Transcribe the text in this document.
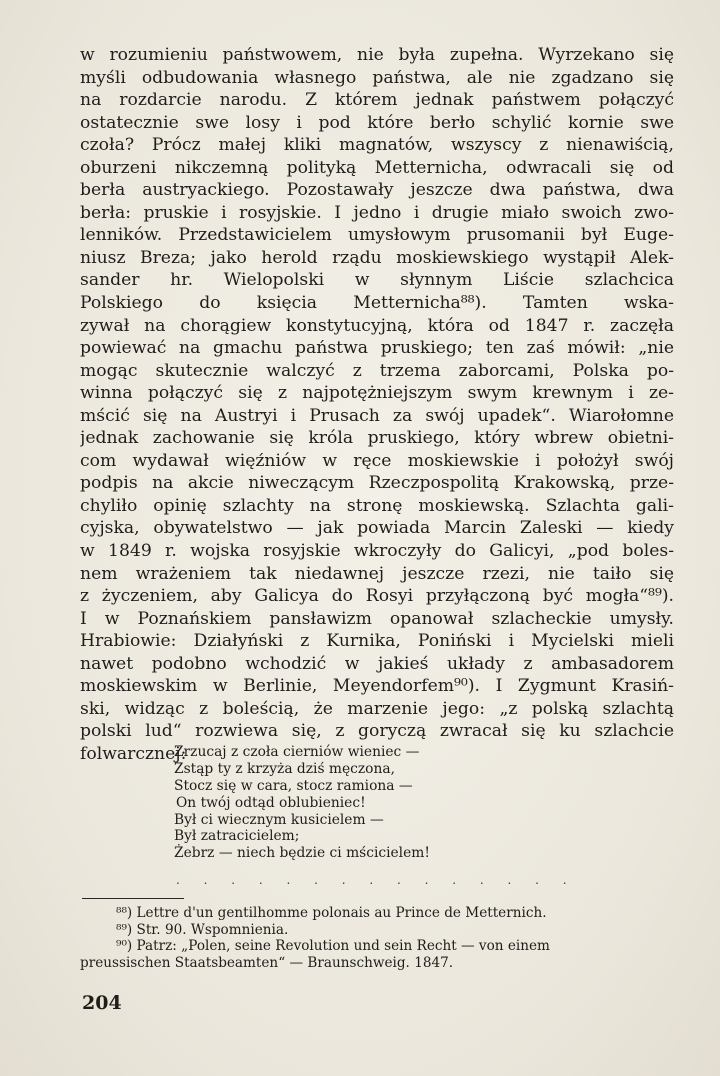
w rozumieniu państwowem, nie była zupełna. Wyrzekano się
myśli odbudowania własnego państwa, ale nie zgadzano się
na rozdarcie narodu. Z którem jednak państwem połączyć
ostatecznie swe losy i pod które berło schylić kornie swe
czoła? Prócz małej kliki magnatów, wszyscy z nienawiścią,
oburzeni nikczemną polityką Metternicha, odwracali się od
berła austryackiego. Pozostawały jeszcze dwa państwa, dwa
berła: pruskie i rosyjskie. I jedno i drugie miało swoich zwo-
lenników. Przedstawicielem umysłowym prusomanii był Euge-
niusz Breza; jako herold rządu moskiewskiego wystąpił Alek-
sander hr. Wielopolski w słynnym Liście szlachcica
Polskiego do księcia Metternicha⁸⁸). Tamten wska-
zywał na chorągiew konstytucyjną, która od 1847 r. zaczęła
powiewać na gmachu państwa pruskiego; ten zaś mówił: „nie
mogąc skutecznie walczyć z trzema zaborcami, Polska po-
winna połączyć się z najpotężniejszym swym krewnym i ze-
mścić się na Austryi i Prusach za swój upadek“. Wiarołomne
jednak zachowanie się króla pruskiego, który wbrew obietni-
com wydawał więźniów w ręce moskiewskie i położył swój
podpis na akcie niweczącym Rzeczpospolitą Krakowską, prze-
chyliło opinię szlachty na stronę moskiewską. Szlachta gali-
cyjska, obywatelstwo — jak powiada Marcin Zaleski — kiedy
w 1849 r. wojska rosyjskie wkroczyły do Galicyi, „pod boles-
nem wrażeniem tak niedawnej jeszcze rzezi, nie taiło się
z życzeniem, aby Galicya do Rosyi przyłączoną być mogła“⁸⁹).
I w Poznańskiem pansławizm opanował szlacheckie umysły.
Hrabiowie: Działyński z Kurnika, Poniński i Mycielski mieli
nawet podobno wchodzić w jakieś układy z ambasadorem
moskiewskim w Berlinie, Meyendorfem⁹⁰). I Zygmunt Krasiń-
ski, widząc z boleścią, że marzenie jego: „z polską szlachtą
polski lud“ rozwiewa się, z goryczą zwracał się ku szlachcie
folwarcznej:
Zrzucaj z czoła cierniów wieniec —
Zstąp ty z krzyża dziś męczona,
Stocz się w cara, stocz ramiona —
On twój odtąd oblubieniec!
Był ci wiecznym kusicielem —
Był zatracicielem;
Żebrz — niech będzie ci mścicielem!
. . . . . . . . . . . . . . .
⁸⁸) Lettre d'un gentilhomme polonais au Prince de Metternich.
⁸⁹) Str. 90. Wspomnienia.
⁹⁰) Patrz: „Polen, seine Revolution und sein Recht — von einem
preussischen Staatsbeamten“ — Braunschweig. 1847.
204
